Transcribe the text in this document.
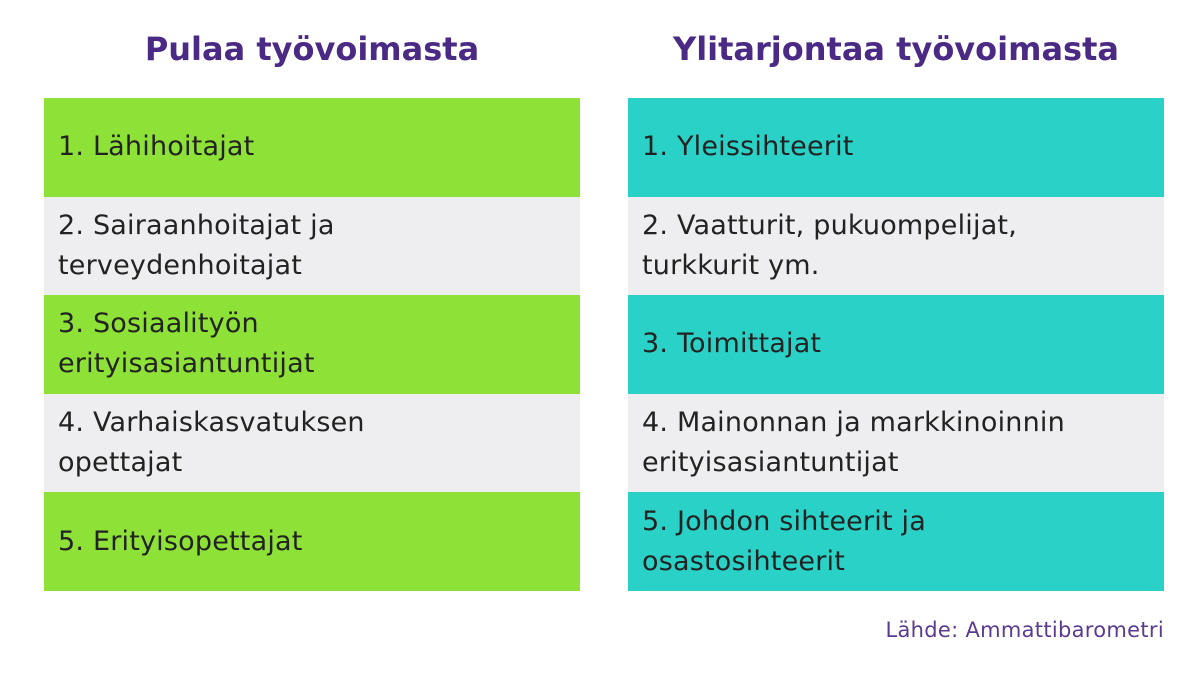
Pulaa työvoimasta
1. Lähihoitajat
2. Sairaanhoitajat ja terveydenhoitajat
3. Sosiaalityön erityisasiantuntijat
4. Varhaiskasvatuksen opettajat
5. Erityisopettajat
Ylitarjontaa työvoimasta
1. Yleissihteerit
2. Vaatturit, pukuompelijat, turkkurit ym.
3. Toimittajat
4. Mainonnan ja markkinoinnin erityisasiantuntijat
5. Johdon sihteerit ja osastosihteerit
Lähde: Ammattibarometri
